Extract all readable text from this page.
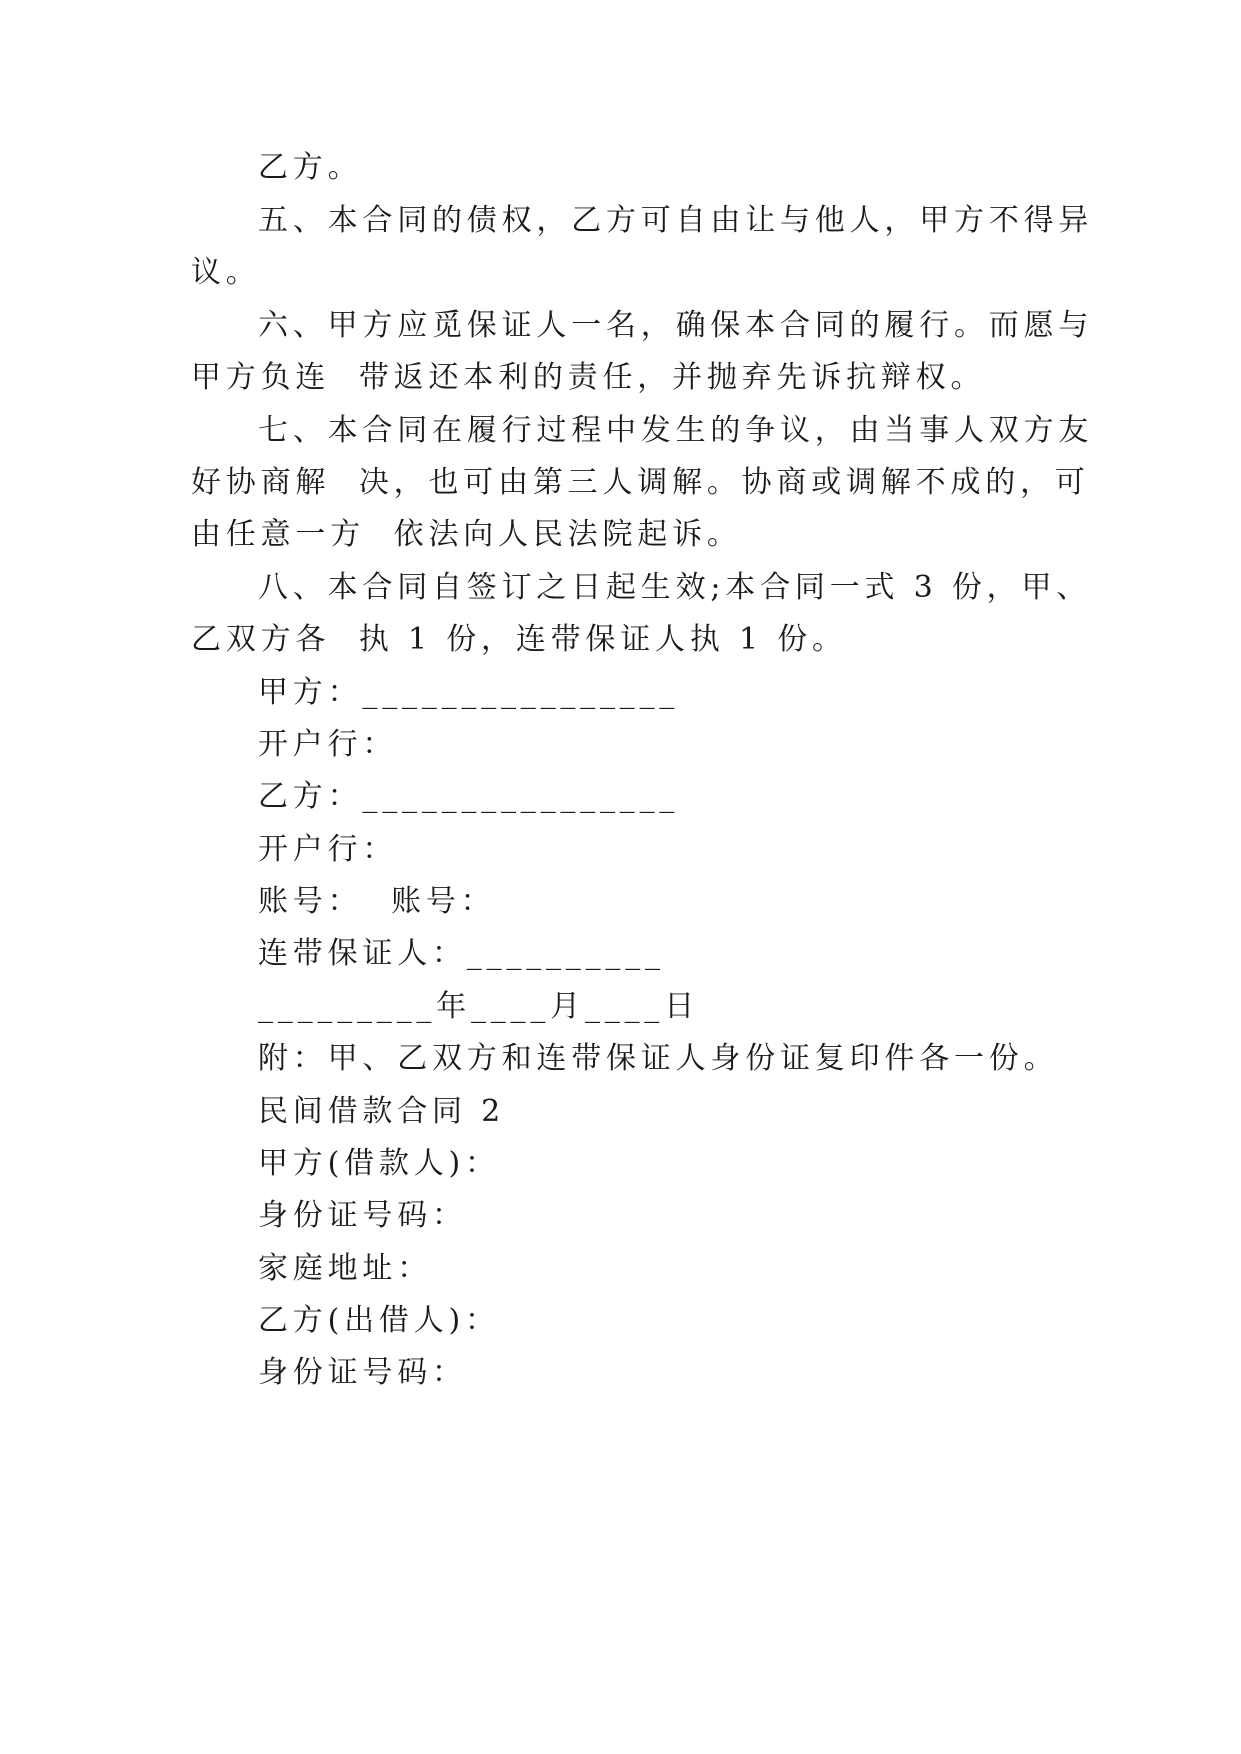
乙方。
五、本合同的债权，乙方可自由让与他人，甲方不得异
议。
六、甲方应觅保证人一名，确保本合同的履行。而愿与
甲方负连  带返还本利的责任，并抛弃先诉抗辩权。
七、本合同在履行过程中发生的争议，由当事人双方友
好协商解  决，也可由第三人调解。协商或调解不成的，可
由任意一方  依法向人民法院起诉。
八、本合同自签订之日起生效;本合同一式 3 份，甲、
乙双方各  执 1 份，连带保证人执 1 份。
甲方：________________
开户行：
乙方：________________
开户行：
账号：  账号：
连带保证人：__________
_________年____月____日
附：甲、乙双方和连带保证人身份证复印件各一份。
民间借款合同 2
甲方(借款人)：
身份证号码：
家庭地址：
乙方(出借人)：
身份证号码：
